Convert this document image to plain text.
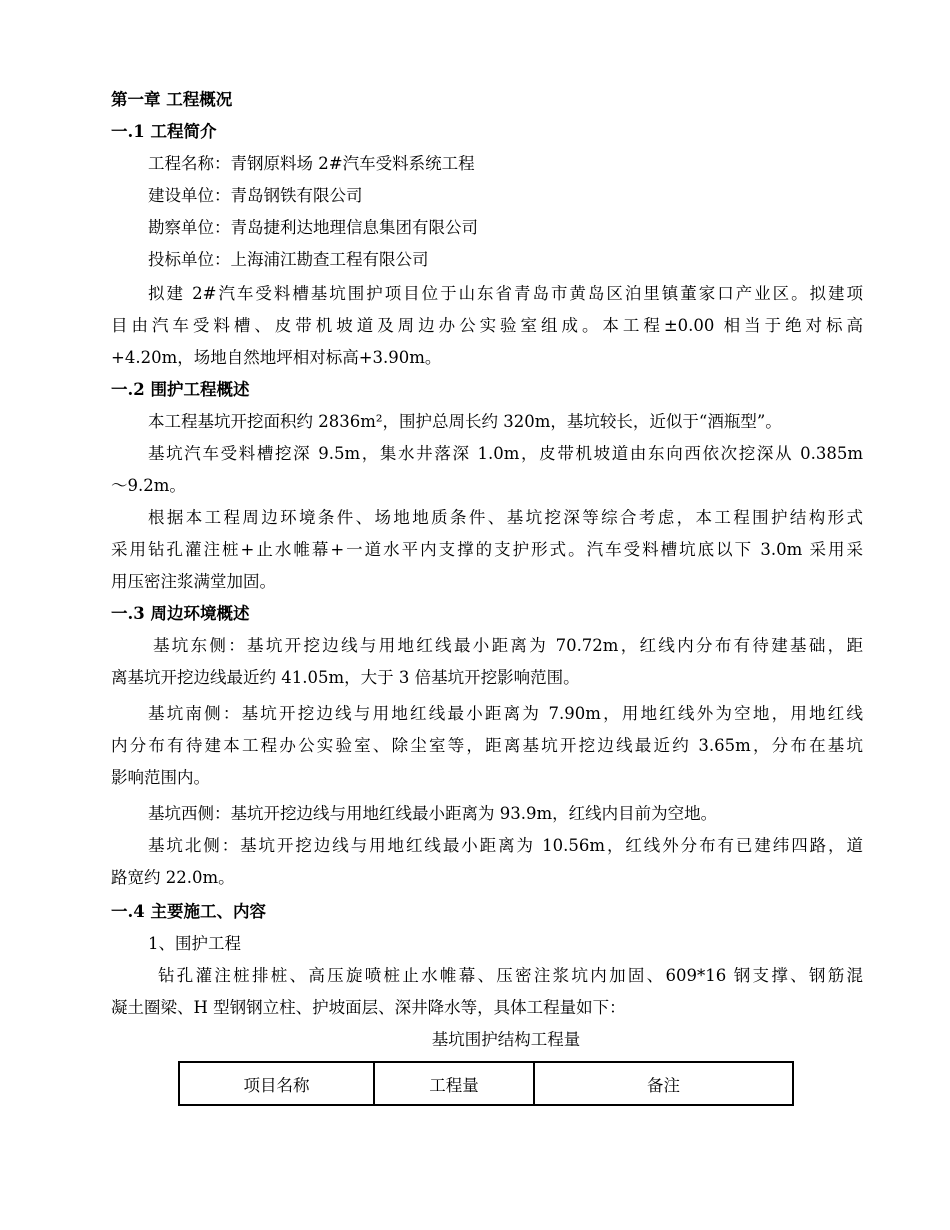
第一章 工程概况
一.1 工程简介
工程名称：青钢原料场 2#汽车受料系统工程
建设单位：青岛钢铁有限公司
勘察单位：青岛捷利达地理信息集团有限公司
投标单位：上海浦江勘查工程有限公司
拟建 2#汽车受料槽基坑围护项目位于山东省青岛市黄岛区泊里镇董家口产业区。拟建项
目由汽车受料槽、皮带机坡道及周边办公实验室组成。本工程±0.00 相当于绝对标高
+4.20m，场地自然地坪相对标高+3.90m。
一.2 围护工程概述
本工程基坑开挖面积约 2836m²，围护总周长约 320m，基坑较长，近似于“酒瓶型”。
基坑汽车受料槽挖深 9.5m，集水井落深 1.0m，皮带机坡道由东向西依次挖深从 0.385m
～9.2m。
根据本工程周边环境条件、场地地质条件、基坑挖深等综合考虑，本工程围护结构形式
采用钻孔灌注桩+止水帷幕+一道水平内支撑的支护形式。汽车受料槽坑底以下 3.0m 采用采
用压密注浆满堂加固。
一.3 周边环境概述
基坑东侧：基坑开挖边线与用地红线最小距离为 70.72m，红线内分布有待建基础，距
离基坑开挖边线最近约 41.05m，大于 3 倍基坑开挖影响范围。
基坑南侧：基坑开挖边线与用地红线最小距离为 7.90m，用地红线外为空地，用地红线
内分布有待建本工程办公实验室、除尘室等，距离基坑开挖边线最近约 3.65m，分布在基坑
影响范围内。
基坑西侧：基坑开挖边线与用地红线最小距离为 93.9m，红线内目前为空地。
基坑北侧：基坑开挖边线与用地红线最小距离为 10.56m，红线外分布有已建纬四路，道
路宽约 22.0m。
一.4 主要施工、内容
1、围护工程
钻孔灌注桩排桩、高压旋喷桩止水帷幕、压密注浆坑内加固、609*16 钢支撑、钢筋混
凝土圈梁、H 型钢钢立柱、护坡面层、深井降水等，具体工程量如下：
基坑围护结构工程量
项目名称	工程量	备注
